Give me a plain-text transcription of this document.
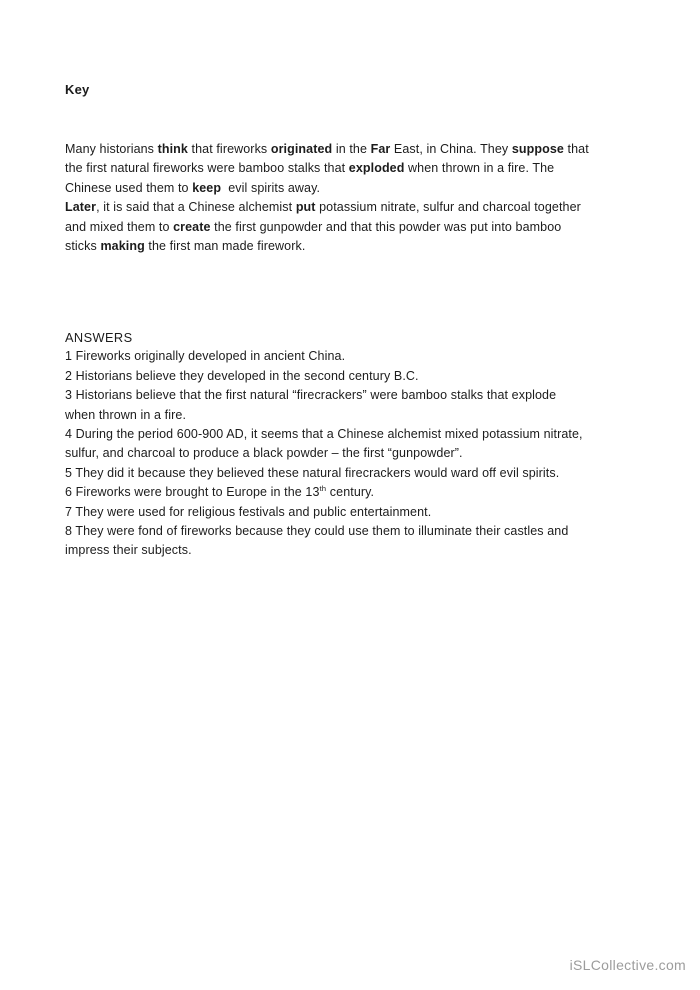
Key
Many historians think that fireworks originated in the Far East, in China. They suppose that
the first natural fireworks were bamboo stalks that exploded when thrown in a fire. The
Chinese used them to keep  evil spirits away.
Later, it is said that a Chinese alchemist put potassium nitrate, sulfur and charcoal together
and mixed them to create the first gunpowder and that this powder was put into bamboo
sticks making the first man made firework.
ANSWERS
1 Fireworks originally developed in ancient China.
2 Historians believe they developed in the second century B.C.
3 Historians believe that the first natural “firecrackers” were bamboo stalks that explode
when thrown in a fire.
4 During the period 600-900 AD, it seems that a Chinese alchemist mixed potassium nitrate,
sulfur, and charcoal to produce a black powder – the first “gunpowder”.
5 They did it because they believed these natural firecrackers would ward off evil spirits.
6 Fireworks were brought to Europe in the 13th century.
7 They were used for religious festivals and public entertainment.
8 They were fond of fireworks because they could use them to illuminate their castles and
impress their subjects.
iSLCollective.com
